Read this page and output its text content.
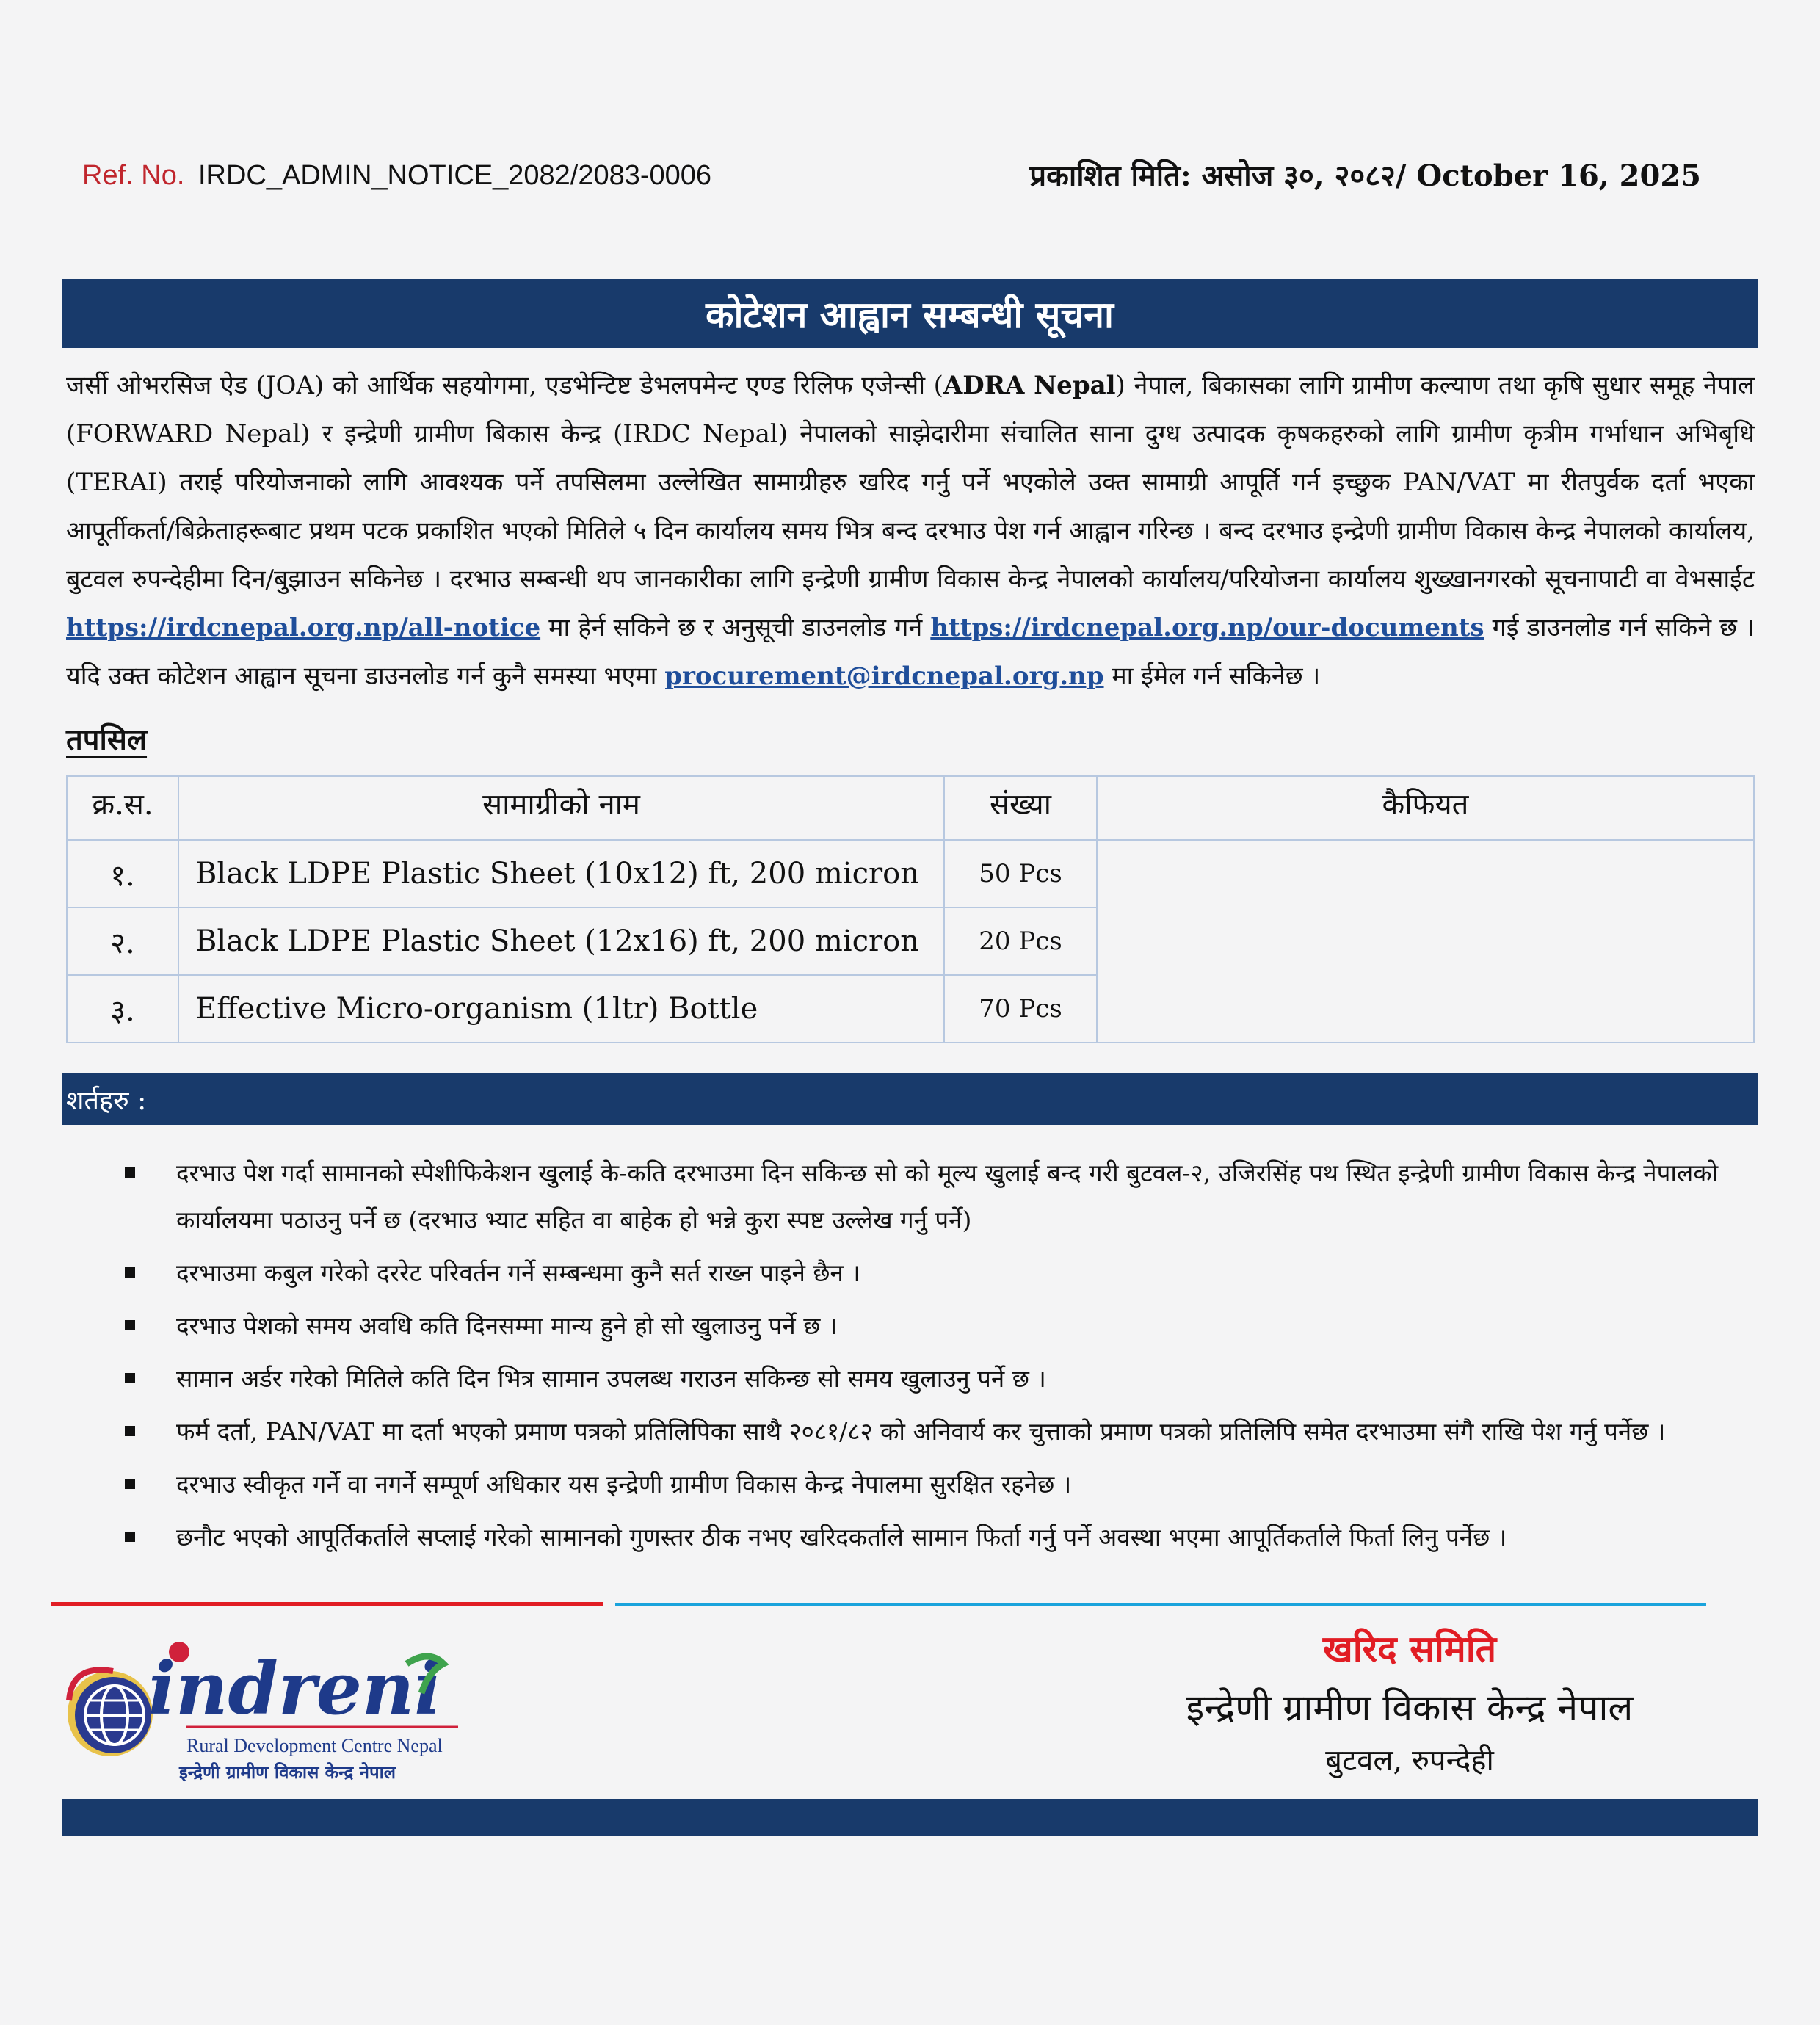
Ref. No. IRDC_ADMIN_NOTICE_2082/2083-0006	प्रकाशित मिति: असोज ३०, २०८२/ October 16, 2025
कोटेशन आह्वान सम्बन्धी सूचना
जर्सी ओभरसिज ऐड (JOA) को आर्थिक सहयोगमा, एडभेन्टिष्ट डेभलपमेन्ट एण्ड रिलिफ एजेन्सी (ADRA Nepal) नेपाल, बिकासका लागि ग्रामीण कल्याण तथा कृषि सुधार समूह नेपाल (FORWARD Nepal) र इन्द्रेणी ग्रामीण बिकास केन्द्र (IRDC Nepal) नेपालको साझेदारीमा संचालित साना दुग्ध उत्पादक कृषकहरुको लागि ग्रामीण कृत्रीम गर्भाधान अभिबृधि (TERAI) तराई परियोजनाको लागि आवश्यक पर्ने तपसिलमा उल्लेखित सामाग्रीहरु खरिद गर्नु पर्ने भएकोले उक्त सामाग्री आपूर्ति गर्न इच्छुक PAN/VAT मा रीतपुर्वक दर्ता भएका आपूर्तीकर्ता/बिक्रेताहरूबाट प्रथम पटक प्रकाशित भएको मितिले ५ दिन कार्यालय समय भित्र बन्द दरभाउ पेश गर्न आह्वान गरिन्छ । बन्द दरभाउ इन्द्रेणी ग्रामीण विकास केन्द्र नेपालको कार्यालय, बुटवल रुपन्देहीमा दिन/बुझाउन सकिनेछ । दरभाउ सम्बन्धी थप जानकारीका लागि इन्द्रेणी ग्रामीण विकास केन्द्र नेपालको कार्यालय/परियोजना कार्यालय शुख्खानगरको सूचनापाटी वा वेभसाईट https://irdcnepal.org.np/all-notice मा हेर्न सकिने छ र अनुसूची डाउनलोड गर्न https://irdcnepal.org.np/our-documents गई डाउनलोड गर्न सकिने छ । यदि उक्त कोटेशन आह्वान सूचना डाउनलोड गर्न कुनै समस्या भएमा procurement@irdcnepal.org.np मा ईमेल गर्न सकिनेछ ।
तपसिल
क्र.स.	सामाग्रीको नाम	संख्या	कैफियत
१.	Black LDPE Plastic Sheet (10x12) ft, 200 micron	50 Pcs	
२.	Black LDPE Plastic Sheet (12x16) ft, 200 micron	20 Pcs	
३.	Effective Micro-organism (1ltr) Bottle	70 Pcs	
शर्तहरु :
दरभाउ पेश गर्दा सामानको स्पेशीफिकेशन खुलाई के-कति दरभाउमा दिन सकिन्छ सो को मूल्य खुलाई बन्द गरी बुटवल-२, उजिरसिंह पथ स्थित इन्द्रेणी ग्रामीण विकास केन्द्र नेपालको कार्यालयमा पठाउनु पर्ने छ (दरभाउ भ्याट सहित वा बाहेक हो भन्ने कुरा स्पष्ट उल्लेख गर्नु पर्ने)
दरभाउमा कबुल गरेको दररेट परिवर्तन गर्ने सम्बन्धमा कुनै सर्त राख्न पाइने छैन ।
दरभाउ पेशको समय अवधि कति दिनसम्मा मान्य हुने हो सो खुलाउनु पर्ने छ ।
सामान अर्डर गरेको मितिले कति दिन भित्र सामान उपलब्ध गराउन सकिन्छ सो समय खुलाउनु पर्ने छ ।
फर्म दर्ता, PAN/VAT मा दर्ता भएको प्रमाण पत्रको प्रतिलिपिका साथै २०८१/८२ को अनिवार्य कर चुत्ताको प्रमाण पत्रको प्रतिलिपि समेत दरभाउमा संगै राखि पेश गर्नु पर्नेछ ।
दरभाउ स्वीकृत गर्ने वा नगर्ने सम्पूर्ण अधिकार यस इन्द्रेणी ग्रामीण विकास केन्द्र नेपालमा सुरक्षित रहनेछ ।
छनौट भएको आपूर्तिकर्ताले सप्लाई गरेको सामानको गुणस्तर ठीक नभए खरिदकर्ताले सामान फिर्ता गर्नु पर्ने अवस्था भएमा आपूर्तिकर्ताले फिर्ता लिनु पर्नेछ ।
indreni
Rural Development Centre Nepal
इन्द्रेणी ग्रामीण विकास केन्द्र नेपाल
खरिद समिति
इन्द्रेणी ग्रामीण विकास केन्द्र नेपाल
बुटवल, रुपन्देही
